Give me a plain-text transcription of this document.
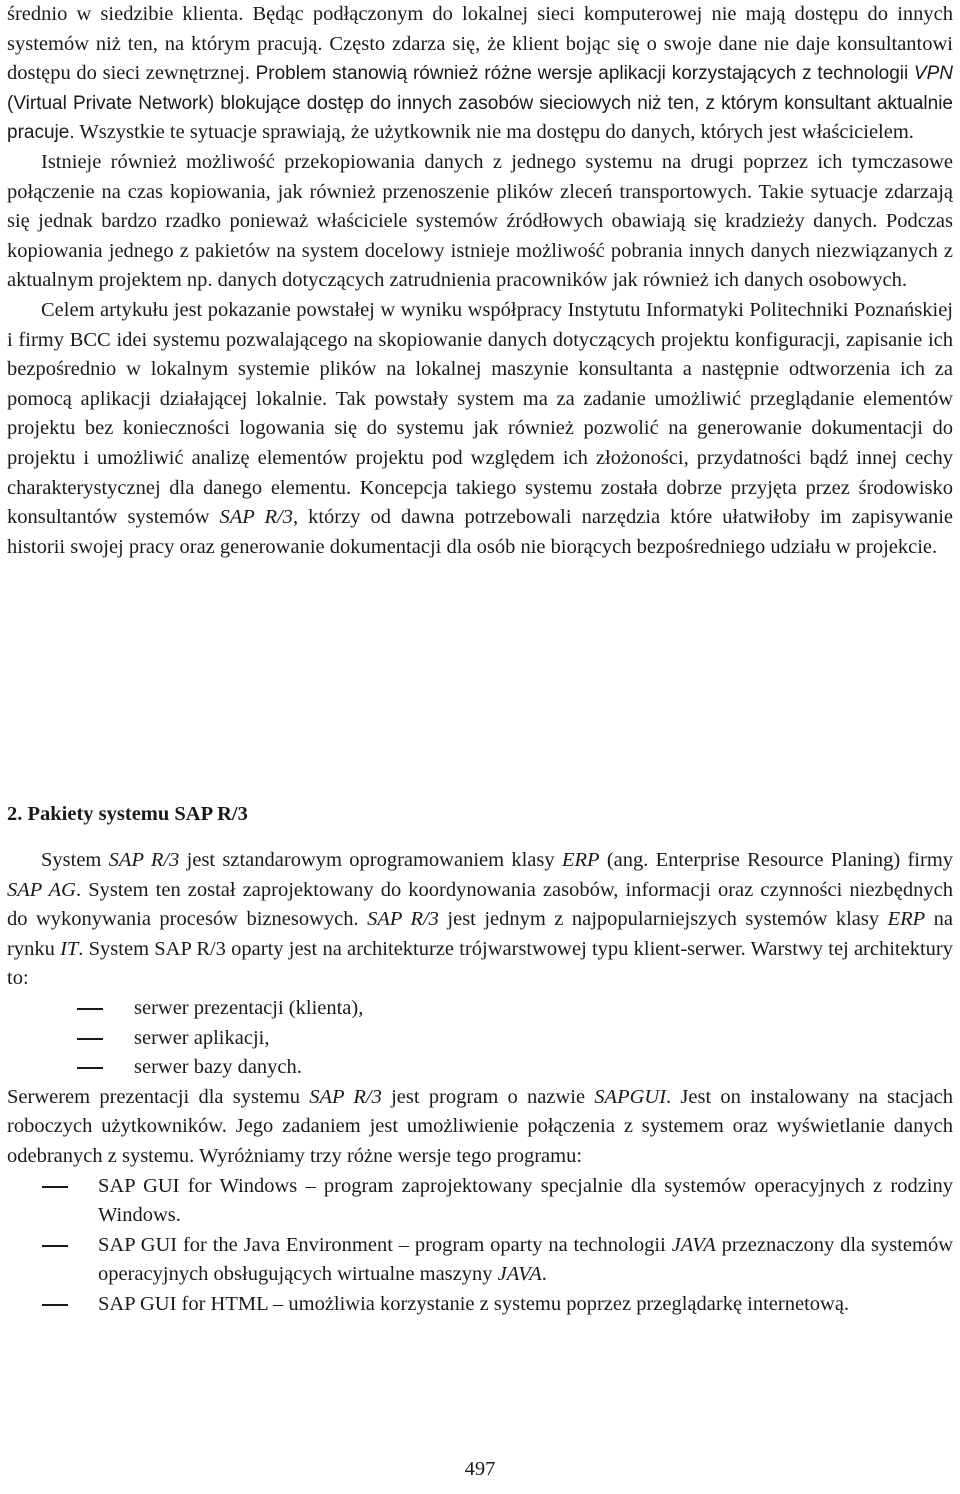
średnio w siedzibie klienta. Będąc podłączonym do lokalnej sieci komputerowej nie mają dostępu do innych systemów niż ten, na którym pracują. Często zdarza się, że klient bojąc się o swoje dane nie daje konsultantowi dostępu do sieci zewnętrznej. Problem stanowią również różne wersje aplikacji korzystających z technologii VPN (Virtual Private Network) blokujące dostęp do innych zasobów sieciowych niż ten, z którym konsultant aktualnie pracuje. Wszystkie te sytuacje sprawiają, że użytkownik nie ma dostępu do danych, których jest właścicielem.

Istnieje również możliwość przekopiowania danych z jednego systemu na drugi poprzez ich tymczasowe połączenie na czas kopiowania, jak również przenoszenie plików zleceń transportowych. Takie sytuacje zdarzają się jednak bardzo rzadko ponieważ właściciele systemów źródłowych obawiają się kradzieży danych. Podczas kopiowania jednego z pakietów na system docelowy istnieje możliwość pobrania innych danych niezwiązanych z aktualnym projektem np. danych dotyczących zatrudnienia pracowników jak również ich danych osobowych.

Celem artykułu jest pokazanie powstałej w wyniku współpracy Instytutu Informatyki Politechniki Poznańskiej i firmy BCC idei systemu pozwalającego na skopiowanie danych dotyczących projektu konfiguracji, zapisanie ich bezpośrednio w lokalnym systemie plików na lokalnej maszynie konsultanta a następnie odtworzenia ich za pomocą aplikacji działającej lokalnie. Tak powstały system ma za zadanie umożliwić przeglądanie elementów projektu bez konieczności logowania się do systemu jak również pozwolić na generowanie dokumentacji do projektu i umożliwić analizę elementów projektu pod względem ich złożoności, przydatności bądź innej cechy charakterystycznej dla danego elementu. Koncepcja takiego systemu została dobrze przyjęta przez środowisko konsultantów systemów SAP R/3, którzy od dawna potrzebowali narzędzia które ułatwiłoby im zapisywanie historii swojej pracy oraz generowanie dokumentacji dla osób nie biorących bezpośredniego udziału w projekcie.

2. Pakiety systemu SAP R/3

System SAP R/3 jest sztandarowym oprogramowaniem klasy ERP (ang. Enterprise Resource Planing) firmy SAP AG. System ten został zaprojektowany do koordynowania zasobów, informacji oraz czynności niezbędnych do wykonywania procesów biznesowych. SAP R/3 jest jednym z najpopularniejszych systemów klasy ERP na rynku IT. System SAP R/3 oparty jest na architekturze trójwarstwowej typu klient-serwer. Warstwy tej architektury to:

serwer prezentacji (klienta),
serwer aplikacji,
serwer bazy danych.

Serwerem prezentacji dla systemu SAP R/3 jest program o nazwie SAPGUI. Jest on instalowany na stacjach roboczych użytkowników. Jego zadaniem jest umożliwienie połączenia z systemem oraz wyświetlanie danych odebranych z systemu. Wyróżniamy trzy różne wersje tego programu:

SAP GUI for Windows – program zaprojektowany specjalnie dla systemów operacyjnych z rodziny Windows.
SAP GUI for the Java Environment – program oparty na technologii JAVA przeznaczony dla systemów operacyjnych obsługujących wirtualne maszyny JAVA.
SAP GUI for HTML – umożliwia korzystanie z systemu poprzez przeglądarkę internetową.
497
